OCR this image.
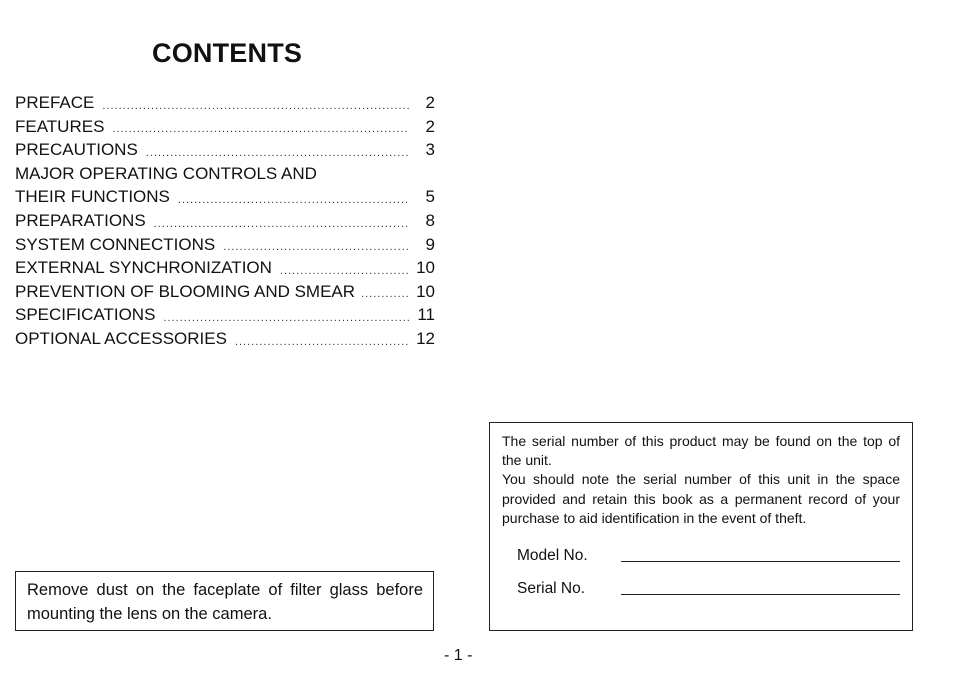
CONTENTS
PREFACE .....	2
FEATURES .....	2
PRECAUTIONS .....	3
MAJOR OPERATING CONTROLS AND
THEIR FUNCTIONS .....	5
PREPARATIONS .....	8
SYSTEM CONNECTIONS .....	9
EXTERNAL SYNCHRONIZATION .....	10
PREVENTION OF BLOOMING AND SMEAR .....	10
SPECIFICATIONS .....	11
OPTIONAL ACCESSORIES .....	12
Remove dust on the faceplate of filter glass before mounting the lens on the camera.

The serial number of this product may be found on the top of the unit.

You should note the serial number of this unit in the space provided and retain this book as a permanent record of your purchase to aid identification in the event of theft.

Model No.
Serial No.
- 1 -
